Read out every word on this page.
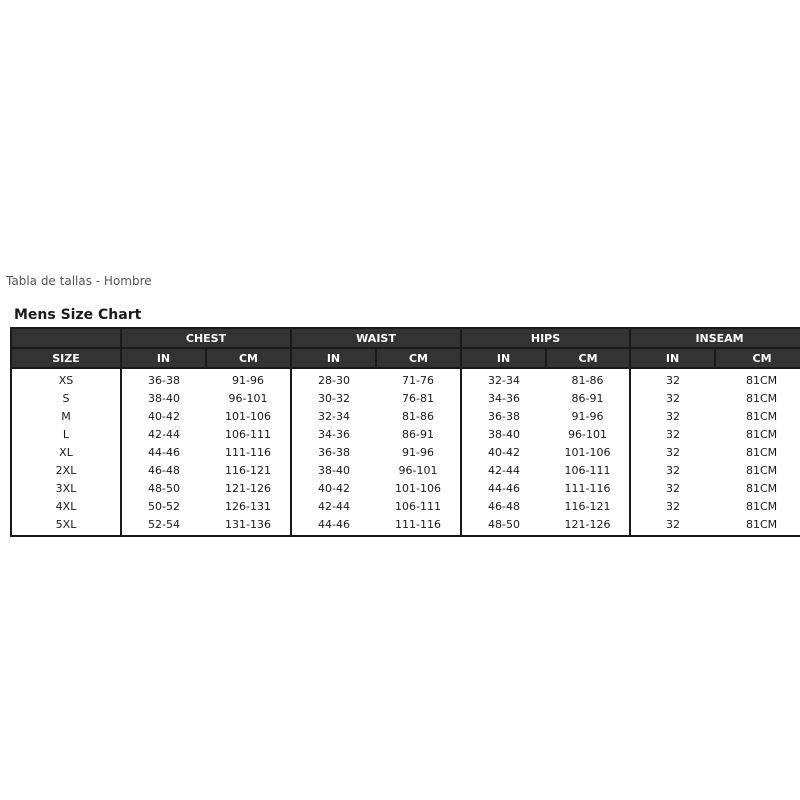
Tabla de tallas - Hombre
Mens Size Chart
	CHEST		WAIST		HIPS		INSEAM	
SIZE	IN	CM	IN	CM	IN	CM	IN	CM
XS	36-38	91-96	28-30	71-76	32-34	81-86	32	81CM
S	38-40	96-101	30-32	76-81	34-36	86-91	32	81CM
M	40-42	101-106	32-34	81-86	36-38	91-96	32	81CM
L	42-44	106-111	34-36	86-91	38-40	96-101	32	81CM
XL	44-46	111-116	36-38	91-96	40-42	101-106	32	81CM
2XL	46-48	116-121	38-40	96-101	42-44	106-111	32	81CM
3XL	48-50	121-126	40-42	101-106	44-46	111-116	32	81CM
4XL	50-52	126-131	42-44	106-111	46-48	116-121	32	81CM
5XL	52-54	131-136	44-46	111-116	48-50	121-126	32	81CM
